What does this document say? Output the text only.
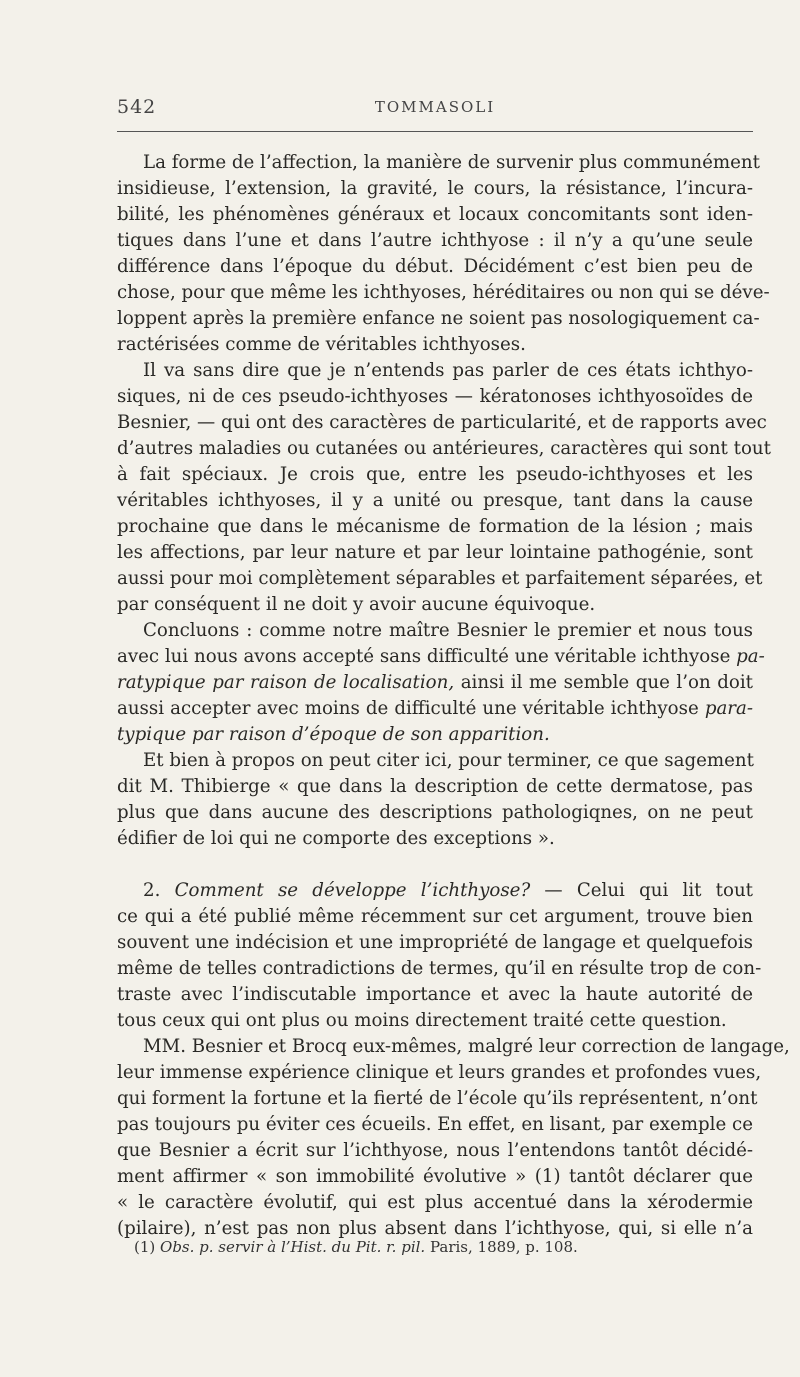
542	TOMMASOLI
La forme de l’affection, la manière de survenir plus communément
insidieuse, l’extension, la gravité, le cours, la résistance, l’incura-
bilité, les phénomènes généraux et locaux concomitants sont iden-
tiques dans l’une et dans l’autre ichthyose : il n’y a qu’une seule
différence dans l’époque du début. Décidément c’est bien peu de
chose, pour que même les ichthyoses, héréditaires ou non qui se déve-
loppent après la première enfance ne soient pas nosologiquement ca-
ractérisées comme de véritables ichthyoses.
Il va sans dire que je n’entends pas parler de ces états ichthyo-
siques, ni de ces pseudo-ichthyoses — kératonoses ichthyosoïdes de
Besnier, — qui ont des caractères de particularité, et de rapports avec
d’autres maladies ou cutanées ou antérieures, caractères qui sont tout
à fait spéciaux. Je crois que, entre les pseudo-ichthyoses et les
véritables ichthyoses, il y a unité ou presque, tant dans la cause
prochaine que dans le mécanisme de formation de la lésion ; mais
les affections, par leur nature et par leur lointaine pathogénie, sont
aussi pour moi complètement séparables et parfaitement séparées, et
par conséquent il ne doit y avoir aucune équivoque.
Concluons : comme notre maître Besnier le premier et nous tous
avec lui nous avons accepté sans difficulté une véritable ichthyose pa-
ratypique par raison de localisation, ainsi il me semble que l’on doit
aussi accepter avec moins de difficulté une véritable ichthyose para-
typique par raison d’époque de son apparition.
Et bien à propos on peut citer ici, pour terminer, ce que sagement
dit M. Thibierge « que dans la description de cette dermatose, pas
plus que dans aucune des descriptions pathologiqnes, on ne peut
édifier de loi qui ne comporte des exceptions ».
2. Comment se développe l’ichthyose? — Celui qui lit tout
ce qui a été publié même récemment sur cet argument, trouve bien
souvent une indécision et une impropriété de langage et quelquefois
même de telles contradictions de termes, qu’il en résulte trop de con-
traste avec l’indiscutable importance et avec la haute autorité de
tous ceux qui ont plus ou moins directement traité cette question.
MM. Besnier et Brocq eux-mêmes, malgré leur correction de langage,
leur immense expérience clinique et leurs grandes et profondes vues,
qui forment la fortune et la fierté de l’école qu’ils représentent, n’ont
pas toujours pu éviter ces écueils. En effet, en lisant, par exemple ce
que Besnier a écrit sur l’ichthyose, nous l’entendons tantôt décidé-
ment affirmer « son immobilité évolutive » (1) tantôt déclarer que
« le caractère évolutif, qui est plus accentué dans la xérodermie
(pilaire), n’est pas non plus absent dans l’ichthyose, qui, si elle n’a
(1) Obs. p. servir à l’Hist. du Pit. r. pil. Paris, 1889, p. 108.
